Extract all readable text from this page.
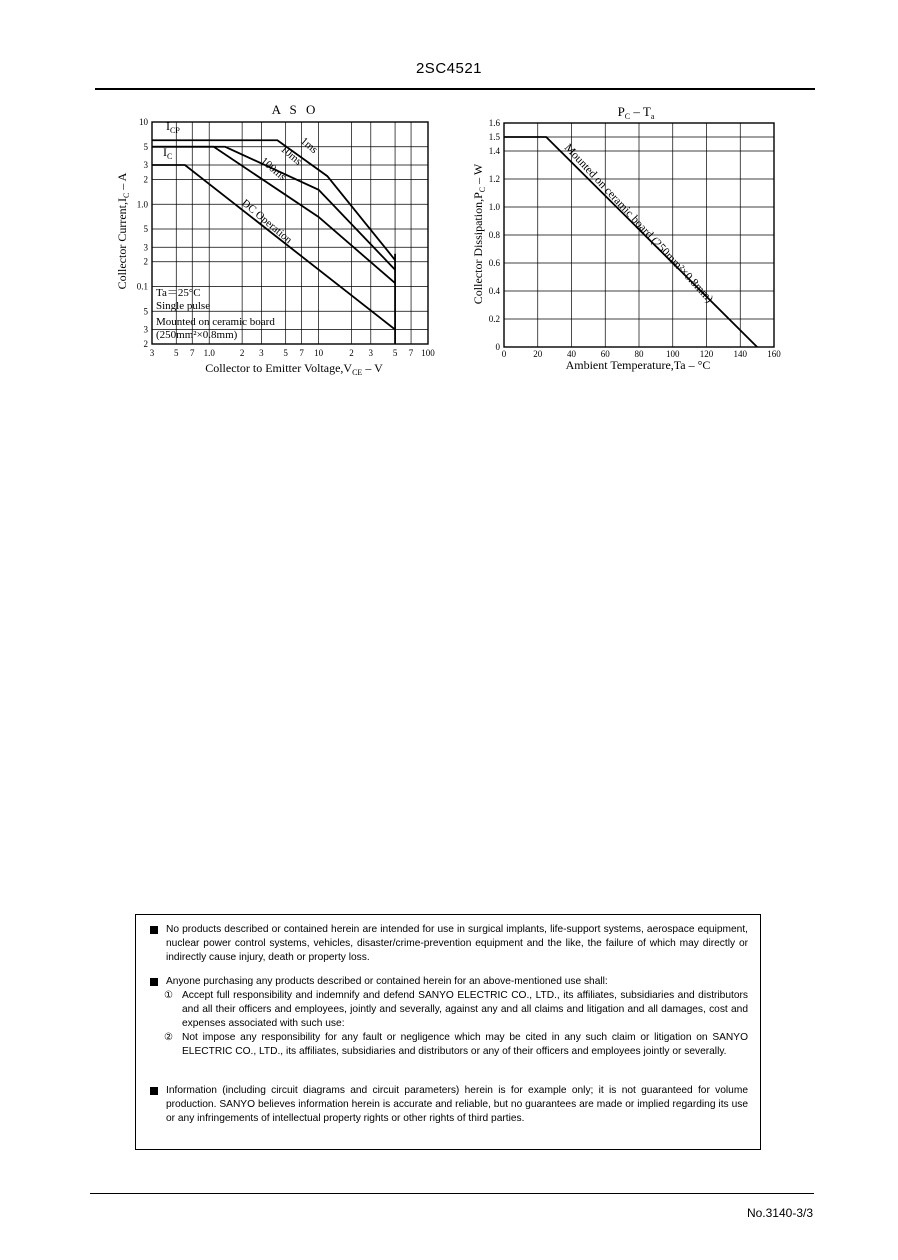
2SC4521
3 5 7 1.0	2 3 5 7 10	2 3 5 7 100
10
5
3
2
1.0
5
3
2
0.1
5
3
2
A S O
Collector to Emitter $Voltage,V_{CE}$ – V
Collector $Current,I_C$ – A
$I_{CP}$
$I_C$
1ms
10ms
100ms
DC Operation
Ta＝25°C
Single pulse
Mounted on ceramic board
(250mm²×0.8mm)
0	20	40	60	80	100 120 140 160
0
0.2
0.4
0.6
0.8
1.0
1.2
1.4
1.5
1.6
$P_C - T_a$
Ambient Temperature,Ta – °C
Collector $Dissipation,P_C$ – W	Mounted on ceramic board (250mm²×0.8mm)
No products described or contained herein are intended for use in surgical implants, life-support systems, aerospace equipment, nuclear power control systems, vehicles, disaster/crime-prevention equipment and the like, the failure of which may directly or indirectly cause injury, death or property loss.
Anyone purchasing any products described or contained herein for an above-mentioned use shall:
① Accept full responsibility and indemnify and defend SANYO ELECTRIC CO., LTD., its affiliates, subsidiaries and distributors and all their officers and employees, jointly and severally, against any and all claims and litigation and all damages, cost and expenses associated with such use:
② Not impose any responsibility for any fault or negligence which may be cited in any such claim or litigation on SANYO ELECTRIC CO., LTD., its affiliates, subsidiaries and distributors or any of their officers and employees jointly or severally.
Information (including circuit diagrams and circuit parameters) herein is for example only; it is not guaranteed for volume production. SANYO believes information herein is accurate and reliable, but no guarantees are made or implied regarding its use or any infringements of intellectual property rights or other rights of third parties.
No.3140-3/3
